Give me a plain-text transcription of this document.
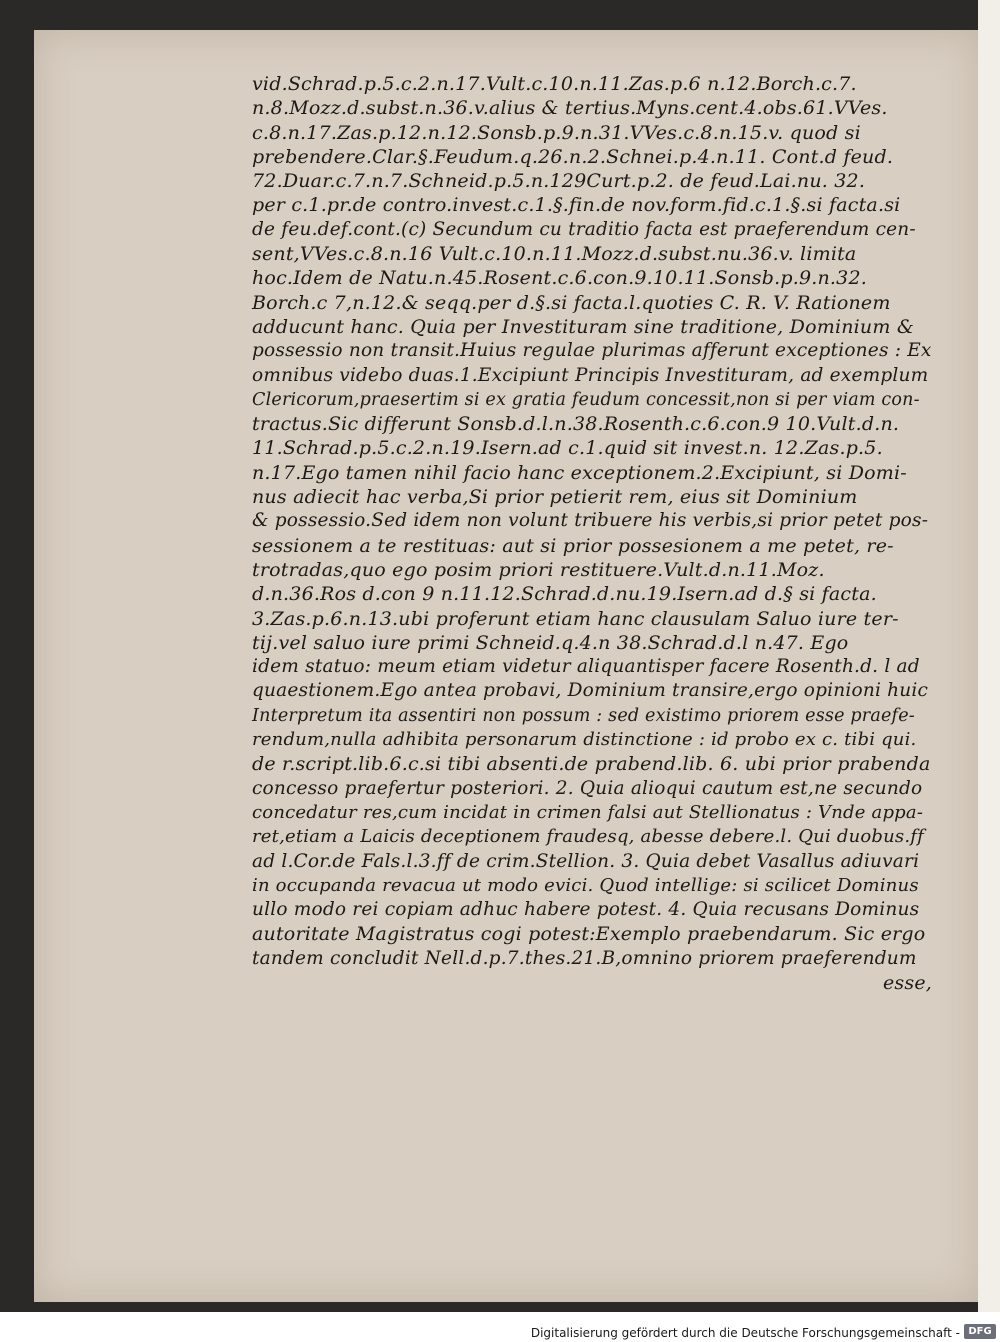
vid.Schrad.p.5.c.2.n.17.Vult.c.10.n.11.Zas.p.6 n.12.Borch.c.7.
n.8.Mozz.d.subst.n.36.v.alius & tertius.Myns.cent.4.obs.61.VVes.
c.8.n.17.Zas.p.12.n.12.Sonsb.p.9.n.31.VVes.c.8.n.15.v. quod si
prebendere.Clar.§.Feudum.q.26.n.2.Schnei.p.4.n.11. Cont.d feud.
72.Duar.c.7.n.7.Schneid.p.5.n.129Curt.p.2. de feud.Lai.nu. 32.
per c.1.pr.de contro.invest.c.1.§.fin.de nov.form.fid.c.1.§.si facta.si
de feu.def.cont.(c) Secundum cu traditio facta est praeferendum cen-
sent,VVes.c.8.n.16 Vult.c.10.n.11.Mozz.d.subst.nu.36.v. limita
hoc.Idem de Natu.n.45.Rosent.c.6.con.9.10.11.Sonsb.p.9.n.32.
Borch.c 7,n.12.& seqq.per d.§.si facta.l.quoties C. R. V. Rationem
adducunt hanc. Quia per Investituram sine traditione, Dominium &
possessio non transit.Huius regulae plurimas afferunt exceptiones : Ex
omnibus videbo duas.1.Excipiunt Principis Investituram, ad exemplum
Clericorum,praesertim si ex gratia feudum concessit,non si per viam con-
tractus.Sic differunt Sonsb.d.l.n.38.Rosenth.c.6.con.9 10.Vult.d.n.
11.Schrad.p.5.c.2.n.19.Isern.ad c.1.quid sit invest.n. 12.Zas.p.5.
n.17.Ego tamen nihil facio hanc exceptionem.2.Excipiunt, si Domi-
nus adiecit hac verba,Si prior petierit rem, eius sit Dominium
& possessio.Sed idem non volunt tribuere his verbis,si prior petet pos-
sessionem a te restituas: aut si prior possesionem a me petet, re-
trotradas,quo ego posim priori restituere.Vult.d.n.11.Moz.
d.n.36.Ros d.con 9 n.11.12.Schrad.d.nu.19.Isern.ad d.§ si facta.
3.Zas.p.6.n.13.ubi proferunt etiam hanc clausulam Saluo iure ter-
tij.vel saluo iure primi Schneid.q.4.n 38.Schrad.d.l n.47. Ego
idem statuo: meum etiam videtur aliquantisper facere Rosenth.d. l ad
quaestionem.Ego antea probavi, Dominium transire,ergo opinioni huic
Interpretum ita assentiri non possum : sed existimo priorem esse praefe-
rendum,nulla adhibita personarum distinctione : id probo ex c. tibi qui.
de r.script.lib.6.c.si tibi absenti.de prabend.lib. 6. ubi prior prabenda
concesso praefertur posteriori. 2. Quia alioqui cautum est,ne secundo
concedatur res,cum incidat in crimen falsi aut Stellionatus : Vnde appa-
ret,etiam a Laicis deceptionem fraudesq, abesse debere.l. Qui duobus.ff
ad l.Cor.de Fals.l.3.ff de crim.Stellion. 3. Quia debet Vasallus adiuvari
in occupanda revacua ut modo evici. Quod intellige: si scilicet Dominus
ullo modo rei copiam adhuc habere potest. 4. Quia recusans Dominus
autoritate Magistratus cogi potest:Exemplo praebendarum. Sic ergo
tandem concludit Nell.d.p.7.thes.21.B,omnino priorem praeferendum
esse,
Digitalisierung gefördert durch die Deutsche Forschungsgemeinschaft - DFG
